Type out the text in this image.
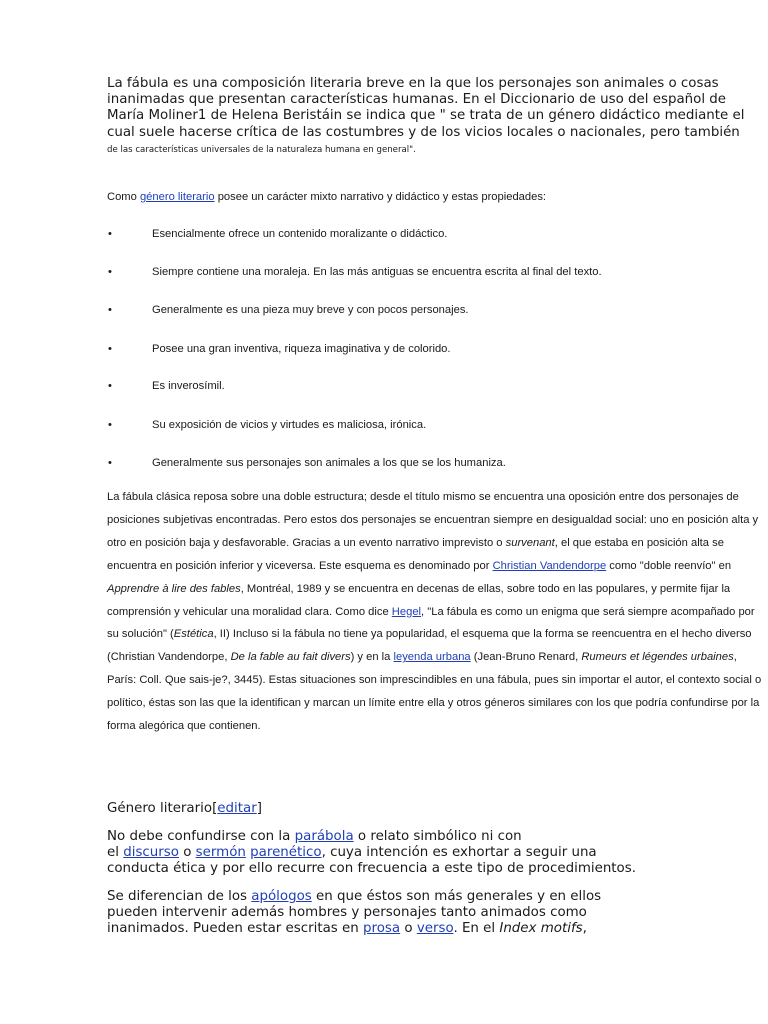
La fábula es una composición literaria breve en la que los personajes son animales o cosas inanimadas que presentan características humanas. En el Diccionario de uso del español de María Moliner1 de Helena Beristáin se indica que " se trata de un género didáctico mediante el cual suele hacerse crítica de las costumbres y de los vicios locales o nacionales, pero también de las características universales de la naturaleza humana en general".

Como género literario posee un carácter mixto narrativo y didáctico y estas propiedades:

•	Esencialmente ofrece un contenido moralizante o didáctico.
•	Siempre contiene una moraleja. En las más antiguas se encuentra escrita al final del texto.
•	Generalmente es una pieza muy breve y con pocos personajes.
•	Posee una gran inventiva, riqueza imaginativa y de colorido.
•	Es inverosímil.
•	Su exposición de vicios y virtudes es maliciosa, irónica.
•	Generalmente sus personajes son animales a los que se los humaniza.

La fábula clásica reposa sobre una doble estructura; desde el título mismo se encuentra una oposición entre dos personajes de posiciones subjetivas encontradas. Pero estos dos personajes se encuentran siempre en desigualdad social: uno en posición alta y otro en posición baja y desfavorable. Gracias a un evento narrativo imprevisto o survenant, el que estaba en posición alta se encuentra en posición inferior y viceversa. Este esquema es denominado por Christian Vandendorpe como "doble reenvío" en Apprendre à lire des fables, Montréal, 1989 y se encuentra en decenas de ellas, sobre todo en las populares, y permite fijar la comprensión y vehicular una moralidad clara. Como dice Hegel, "La fábula es como un enigma que será siempre acompañado por su solución" (Estética, II) Incluso si la fábula no tiene ya popularidad, el esquema que la forma se reencuentra en el hecho diverso (Christian Vandendorpe, De la fable au fait divers) y en la leyenda urbana (Jean-Bruno Renard, Rumeurs et légendes urbaines, París: Coll. Que sais-je?, 3445). Estas situaciones son imprescindibles en una fábula, pues sin importar el autor, el contexto social o político, éstas son las que la identifican y marcan un límite entre ella y otros géneros similares con los que podría confundirse por la forma alegórica que contienen.

Género literario[editar]
No debe confundirse con la parábola o relato simbólico ni con
el discurso o sermón parenético, cuya intención es exhortar a seguir una
conducta ética y por ello recurre con frecuencia a este tipo de procedimientos.
Se diferencian de los apólogos en que éstos son más generales y en ellos
pueden intervenir además hombres y personajes tanto animados como
inanimados. Pueden estar escritas en prosa o verso. En el Index motifs,
